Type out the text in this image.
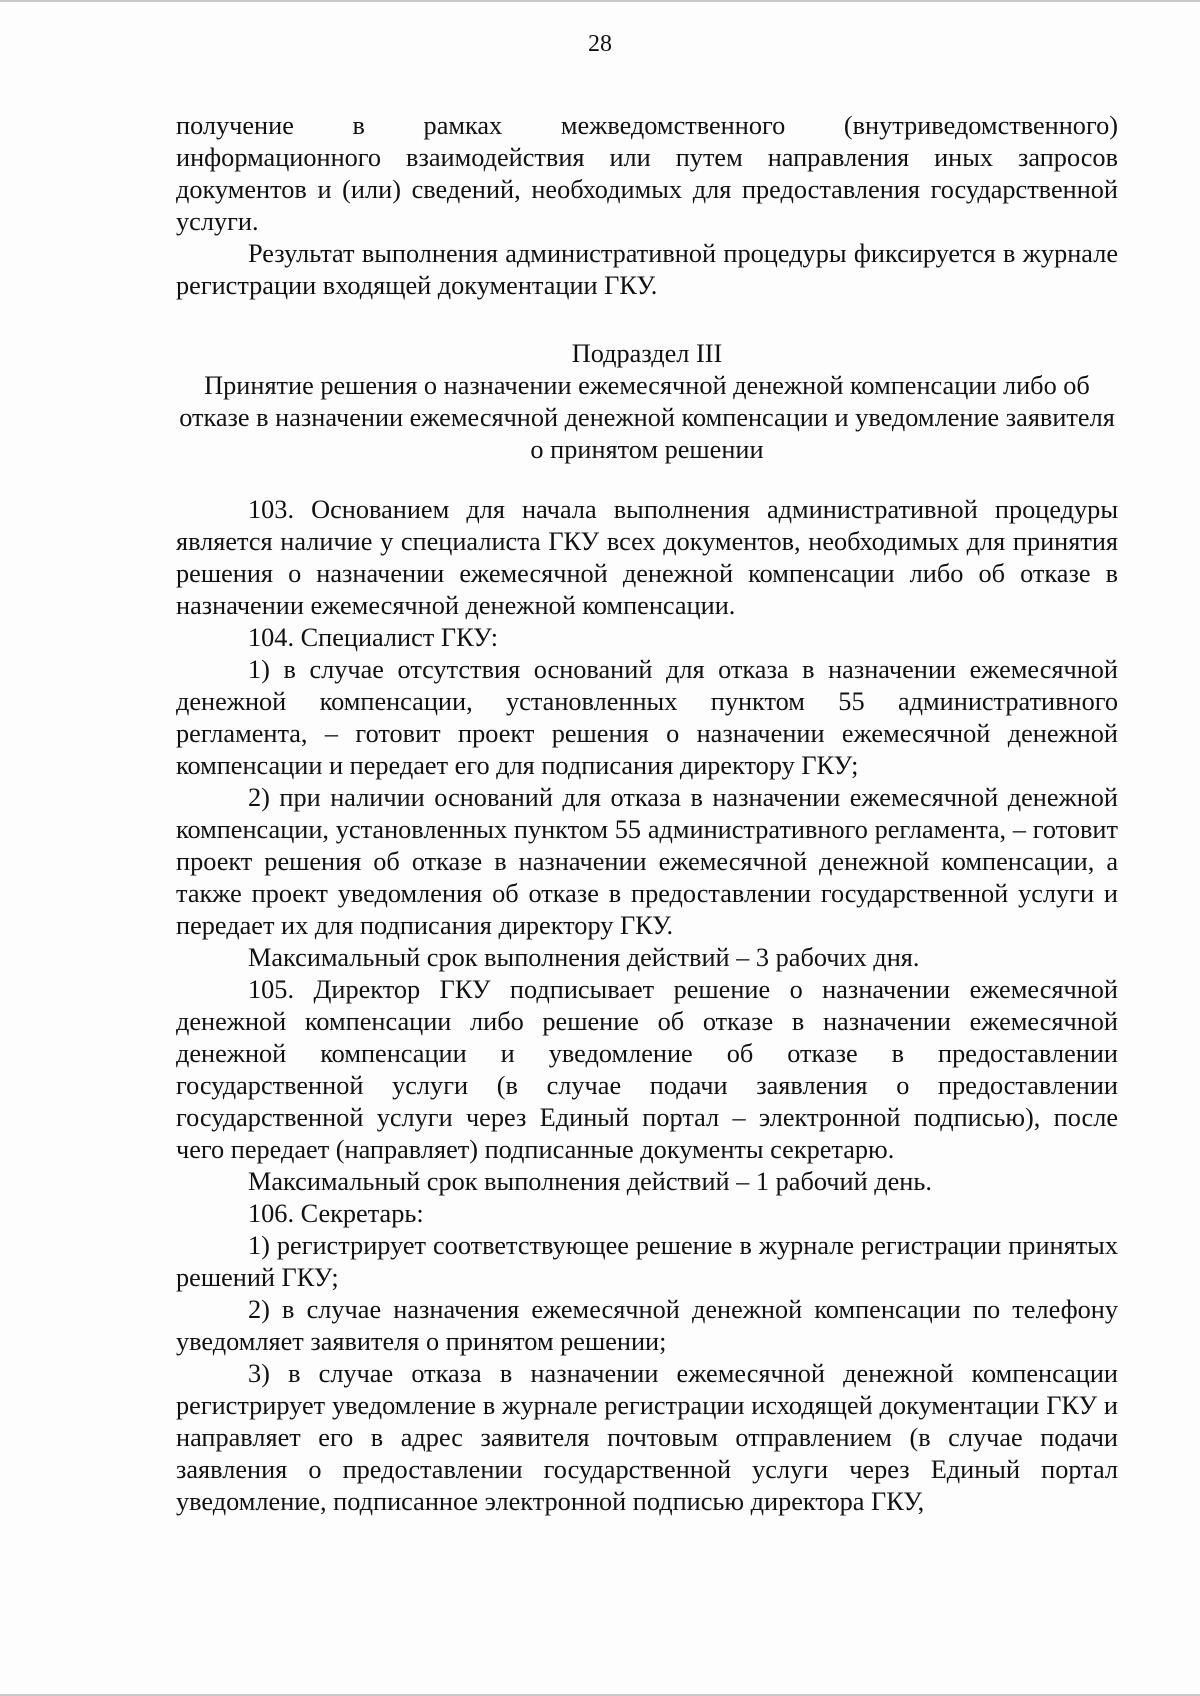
28

получение в рамках межведомственного (внутриведомственного) информационного взаимодействия или путем направления иных запросов документов и (или) сведений, необходимых для предоставления государственной услуги.

Результат выполнения административной процедуры фиксируется в журнале регистрации входящей документации ГКУ.

Подраздел III
Принятие решения о назначении ежемесячной денежной компенсации либо об отказе в назначении ежемесячной денежной компенсации и уведомление заявителя о принятом решении

103. Основанием для начала выполнения административной процедуры является наличие у специалиста ГКУ всех документов, необходимых для принятия решения о назначении ежемесячной денежной компенсации либо об отказе в назначении ежемесячной денежной компенсации.

104. Специалист ГКУ:

1) в случае отсутствия оснований для отказа в назначении ежемесячной денежной компенсации, установленных пунктом 55 административного регламента, – готовит проект решения о назначении ежемесячной денежной компенсации и передает его для подписания директору ГКУ;

2) при наличии оснований для отказа в назначении ежемесячной денежной компенсации, установленных пунктом 55 административного регламента, – готовит проект решения об отказе в назначении ежемесячной денежной компенсации, а также проект уведомления об отказе в предоставлении государственной услуги и передает их для подписания директору ГКУ.

Максимальный срок выполнения действий – 3 рабочих дня.

105. Директор ГКУ подписывает решение о назначении ежемесячной денежной компенсации либо решение об отказе в назначении ежемесячной денежной компенсации и уведомление об отказе в предоставлении государственной услуги (в случае подачи заявления о предоставлении государственной услуги через Единый портал – электронной подписью), после чего передает (направляет) подписанные документы секретарю.

Максимальный срок выполнения действий – 1 рабочий день.

106. Секретарь:

1) регистрирует соответствующее решение в журнале регистрации принятых решений ГКУ;

2) в случае назначения ежемесячной денежной компенсации по телефону уведомляет заявителя о принятом решении;

3) в случае отказа в назначении ежемесячной денежной компенсации регистрирует уведомление в журнале регистрации исходящей документации ГКУ и направляет его в адрес заявителя почтовым отправлением (в случае подачи заявления о предоставлении государственной услуги через Единый портал уведомление, подписанное электронной подписью директора ГКУ,
